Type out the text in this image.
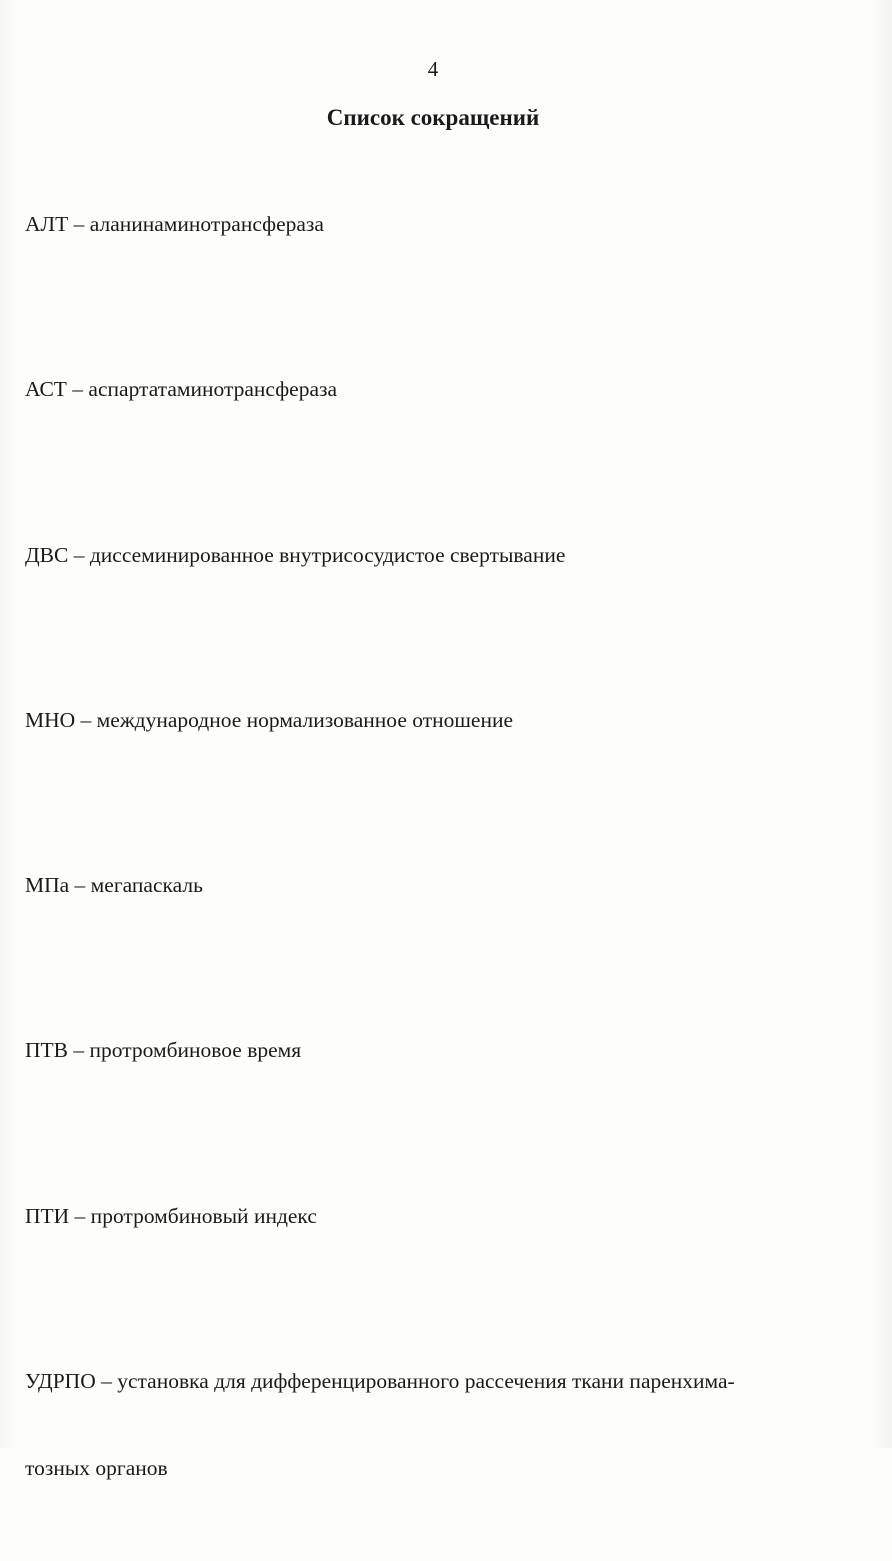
4
Список сокращений

АЛТ – аланинаминотрансфераза

АСТ – аспартатаминотрансфераза

ДВС – диссеминированное внутрисосудистое свертывание

МНО – международное нормализованное отношение

МПа – мегапаскаль

ПТВ – протромбиновое время

ПТИ – протромбиновый индекс

УДРПО – установка для дифференцированного рассечения ткани паренхима-

тозных органов
